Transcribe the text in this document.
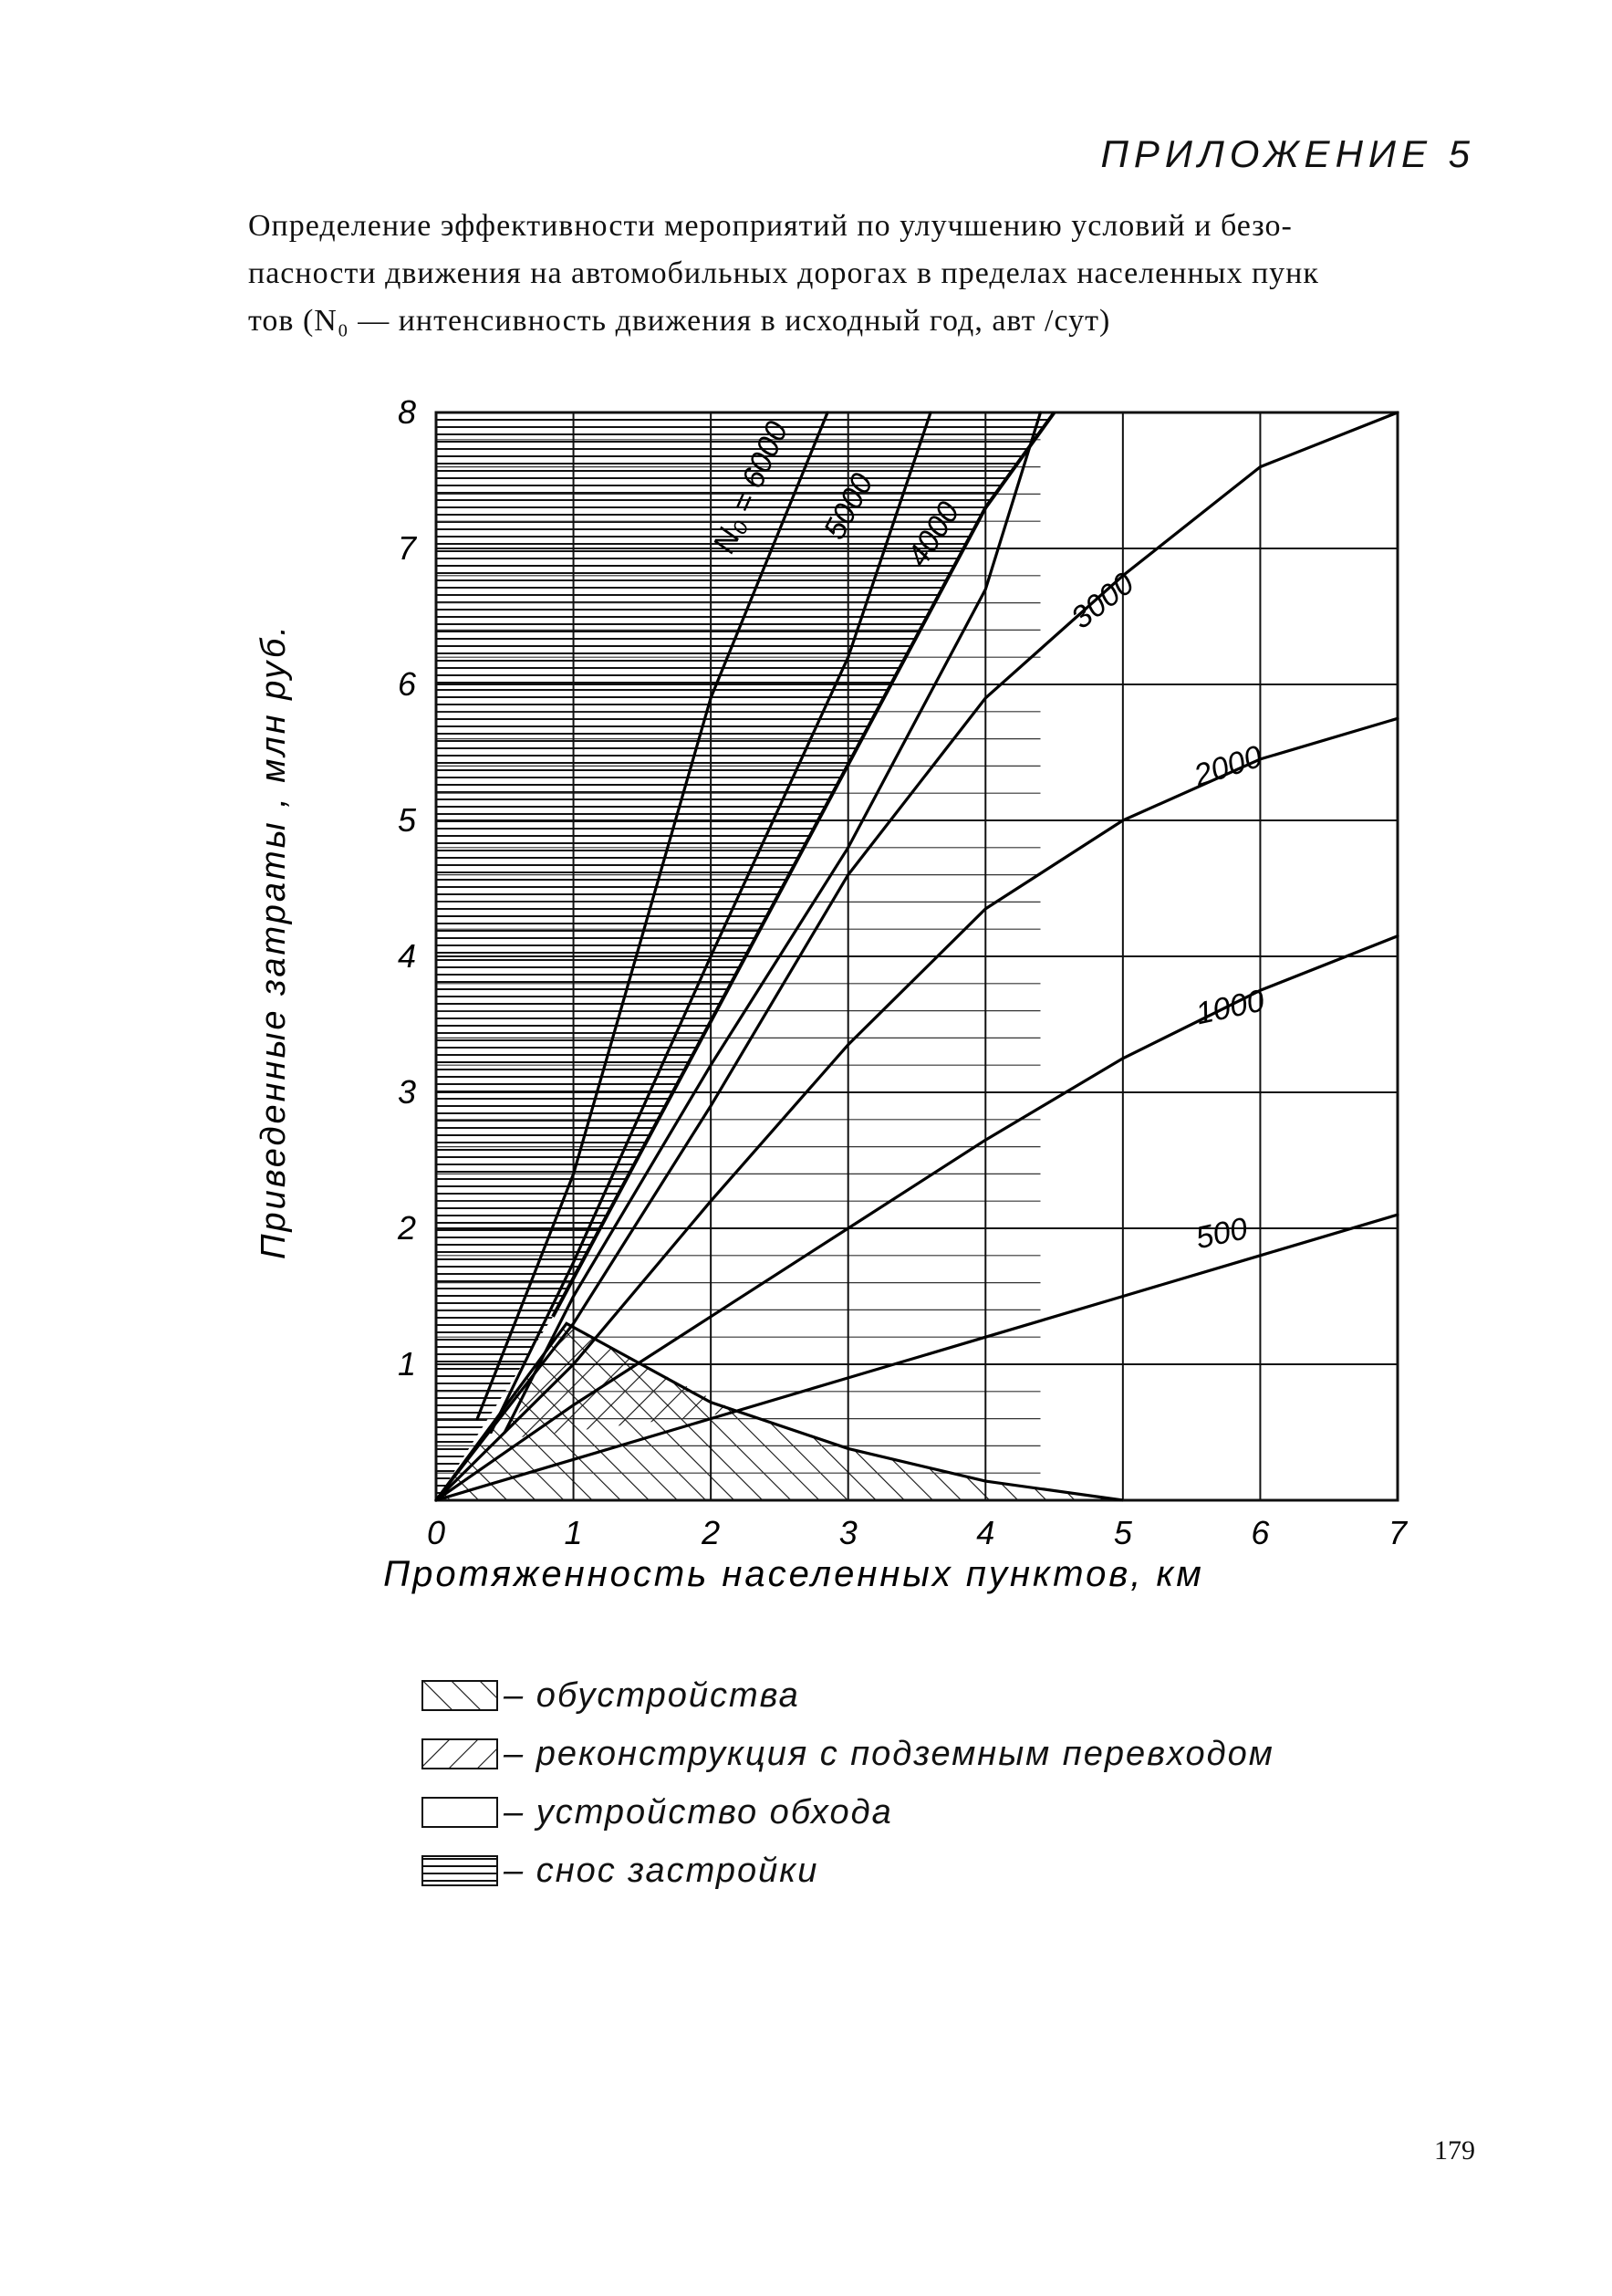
ПРИЛОЖЕНИЕ 5
Определение эффективности мероприятий по улучшению условий и безо-
пасности движения на автомобильных дорогах в пределах населенных пунк
тов (N₀ — интенсивность движения в исходный год, авт /сут)
500
1000
2000
3000
4000
5000
N₀ = 6000
0	1	2	3	4	5	6	7
1
2
3
4
5
6
7
8
Приведенные затраты , млн руб.
Протяженность населенных пунктов, км
– обустройства
– реконструкция с подземным перевходом
– устройство обхода
– снос застройки
179
